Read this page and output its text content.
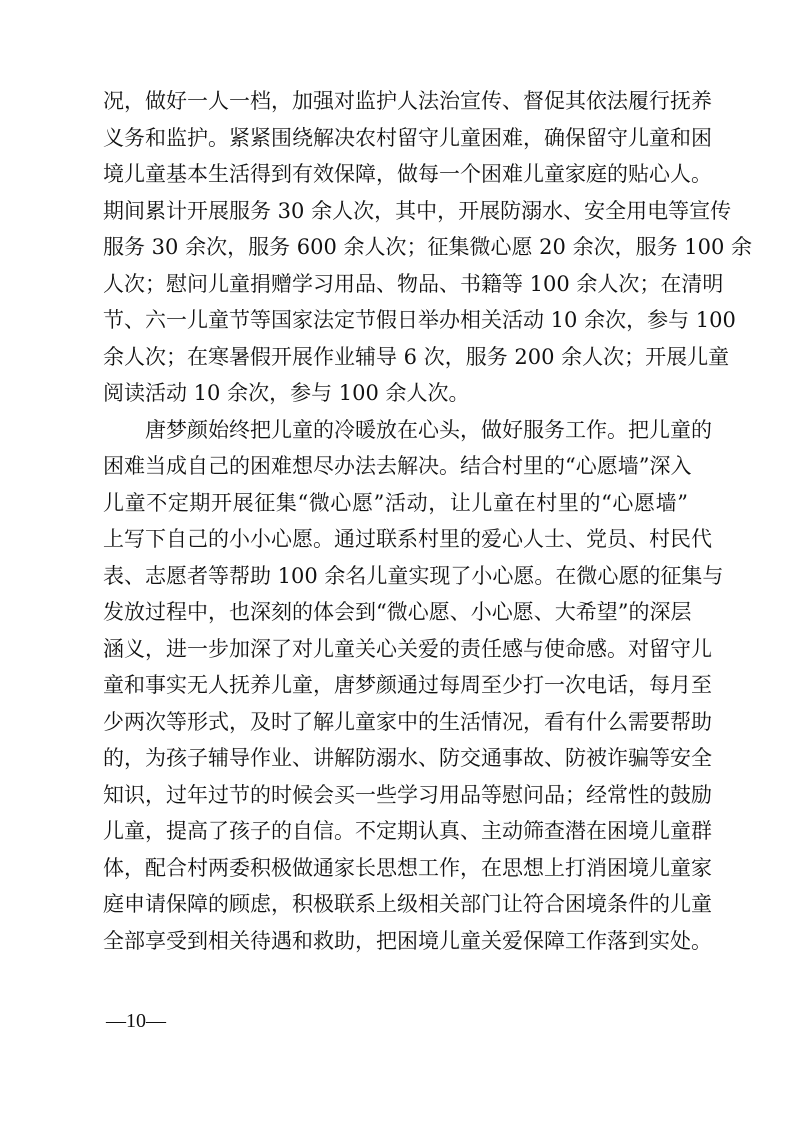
况，做好一人一档，加强对监护人法治宣传、督促其依法履行抚养
义务和监护。紧紧围绕解决农村留守儿童困难，确保留守儿童和困
境儿童基本生活得到有效保障，做每一个困难儿童家庭的贴心人。
期间累计开展服务 30 余人次，其中，开展防溺水、安全用电等宣传
服务 30 余次，服务 600 余人次；征集微心愿 20 余次，服务 100 余
人次；慰问儿童捐赠学习用品、物品、书籍等 100 余人次；在清明
节、六一儿童节等国家法定节假日举办相关活动 10 余次，参与 100
余人次；在寒暑假开展作业辅导 6 次，服务 200 余人次；开展儿童
阅读活动 10 余次，参与 100 余人次。
　　唐梦颜始终把儿童的冷暖放在心头，做好服务工作。把儿童的
困难当成自己的困难想尽办法去解决。结合村里的“心愿墙”深入
儿童不定期开展征集“微心愿”活动，让儿童在村里的“心愿墙”
上写下自己的小小心愿。通过联系村里的爱心人士、党员、村民代
表、志愿者等帮助 100 余名儿童实现了小心愿。在微心愿的征集与
发放过程中，也深刻的体会到“微心愿、小心愿、大希望”的深层
涵义，进一步加深了对儿童关心关爱的责任感与使命感。对留守儿
童和事实无人抚养儿童，唐梦颜通过每周至少打一次电话，每月至
少两次等形式，及时了解儿童家中的生活情况，看有什么需要帮助
的，为孩子辅导作业、讲解防溺水、防交通事故、防被诈骗等安全
知识，过年过节的时候会买一些学习用品等慰问品；经常性的鼓励
儿童，提高了孩子的自信。不定期认真、主动筛查潜在困境儿童群
体，配合村两委积极做通家长思想工作，在思想上打消困境儿童家
庭申请保障的顾虑，积极联系上级相关部门让符合困境条件的儿童
全部享受到相关待遇和救助，把困境儿童关爱保障工作落到实处。
—10—
